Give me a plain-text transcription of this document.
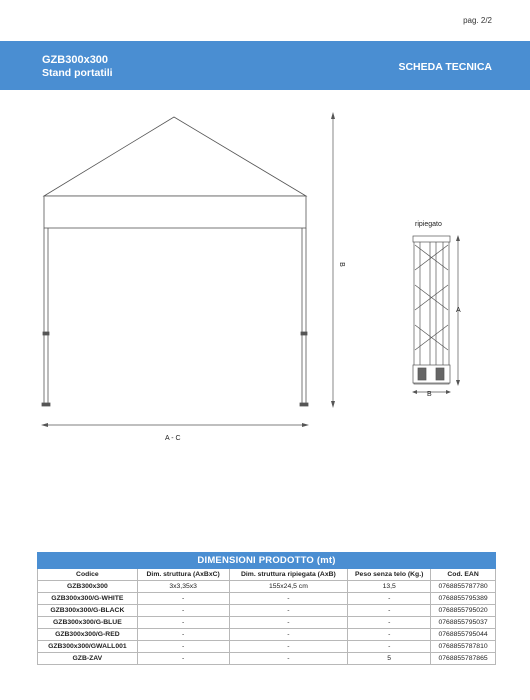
pag. 2/2
GZB300x300
Stand portatili	SCHEDA TECNICA
ripiegato
B
A - C
A
B
DIMENSIONI PRODOTTO (mt)				
Codice	Dim. struttura (AxBxC)	Dim. struttura ripiegata (AxB)	Peso senza telo (Kg.)	Cod. EAN
GZB300x300	3x3,35x3	155x24,5 cm	13,5	0768855787780
GZB300x300/G-WHITE	-	-	-	0768855795389
GZB300x300/G-BLACK	-	-	-	0768855795020
GZB300x300/G-BLUE	-	-	-	0768855795037
GZB300x300/G-RED	-	-	-	0768855795044
GZB300x300/GWALL001	-	-	-	0768855787810
GZB-ZAV	-	-	5	0768855787865
